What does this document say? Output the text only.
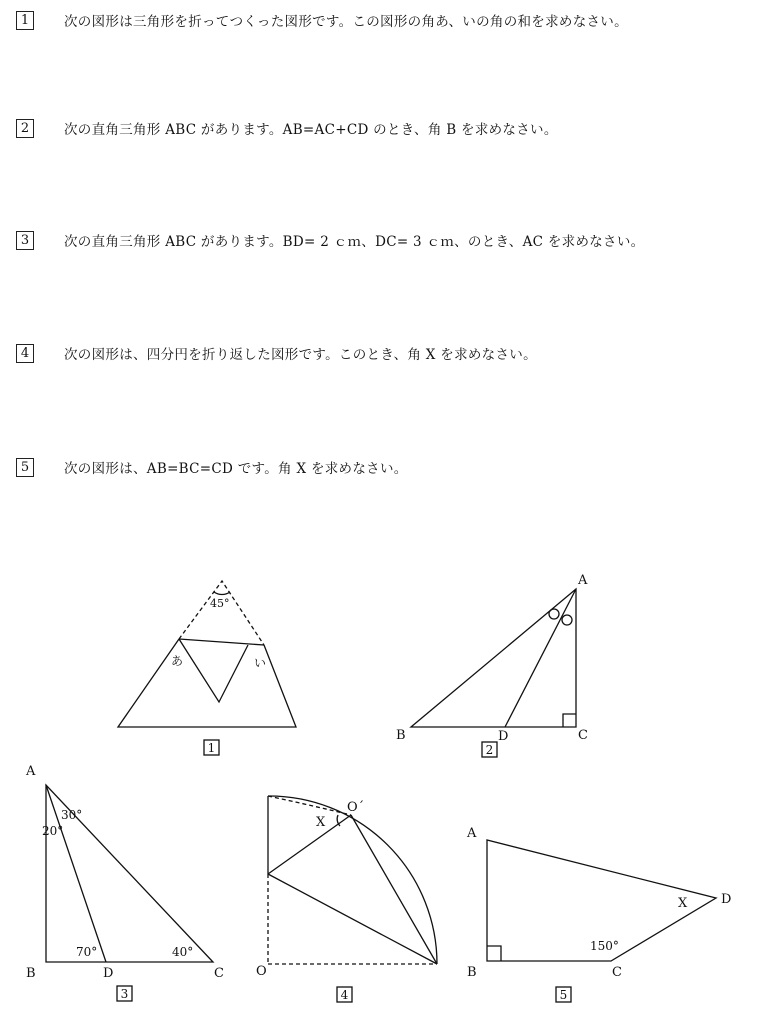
1	次の図形は三角形を折ってつくった図形です。この図形の角あ、いの角の和を求めなさい。
2	次の直角三角形 ABC があります。AB=AC+CD のとき、角 B を求めなさい。
3	次の直角三角形 ABC があります。BD= 2 ｃｍ、DC= 3 ｃｍ、のとき、AC を求めなさい。
4	次の図形は、四分円を折り返した図形です。このとき、角 X を求めなさい。
5	次の図形は、AB=BC=CD です。角 X を求めなさい。
45°
あ	い
1
A
B	D	C
2
A
30°
20°
70°	40°
B	D	C
3
O´
X
O
4
A
D
X
150°
B	C
5
